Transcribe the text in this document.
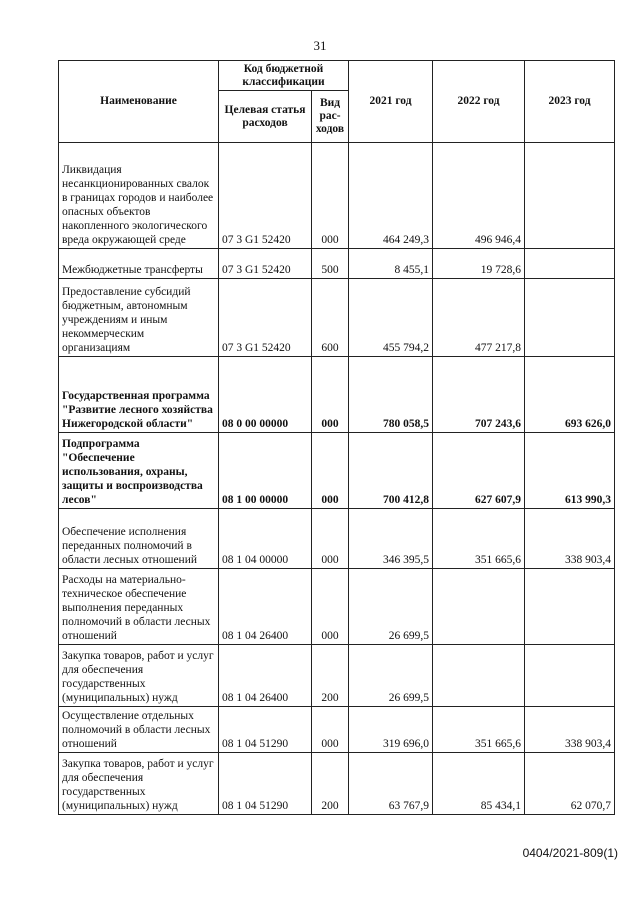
31
Наименование	Код бюджетной классификации		2021 год	2022 год	2023 год
	Целевая статья расходов	Вид рас- ходов			
Ликвидация несанкционированных свалок в границах городов и наиболее опасных объектов накопленного экологического вреда окружающей среде	07 3 G1 52420	000	464 249,3	496 946,4	
Межбюджетные трансферты	07 3 G1 52420	500	8 455,1	19 728,6	
Предоставление субсидий бюджетным, автономным учреждениям и иным некоммерческим организациям	07 3 G1 52420	600	455 794,2	477 217,8	
Государственная программа "Развитие лесного хозяйства Нижегородской области"	08 0 00 00000	000	780 058,5	707 243,6	693 626,0
Подпрограмма "Обеспечение использования, охраны, защиты и воспроизводства лесов"	08 1 00 00000	000	700 412,8	627 607,9	613 990,3
Обеспечение исполнения переданных полномочий в области лесных отношений	08 1 04 00000	000	346 395,5	351 665,6	338 903,4
Расходы на материально-техническое обеспечение выполнения переданных полномочий в области лесных отношений	08 1 04 26400	000	26 699,5		
Закупка товаров, работ и услуг для обеспечения государственных (муниципальных) нужд	08 1 04 26400	200	26 699,5		
Осуществление отдельных полномочий в области лесных отношений	08 1 04 51290	000	319 696,0	351 665,6	338 903,4
Закупка товаров, работ и услуг для обеспечения государственных (муниципальных) нужд	08 1 04 51290	200	63 767,9	85 434,1	62 070,7
0404/2021-809(1)
